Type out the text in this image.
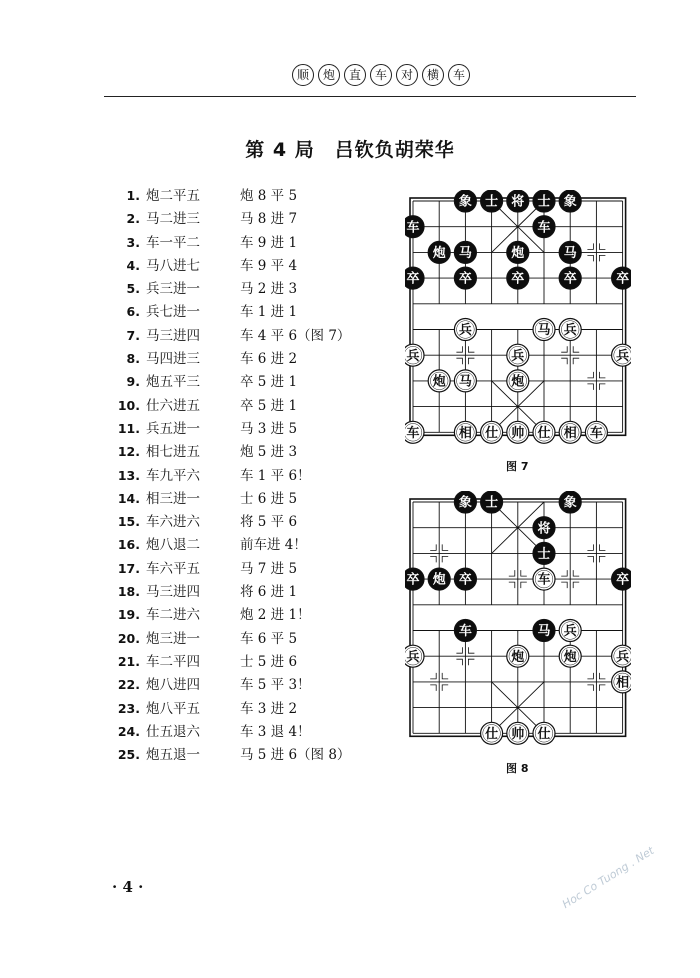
顺	炮	直	车	对	横	车
第 4 局　吕钦负胡荣华
1. 炮二平五	炮 8 平 5
2. 马二进三	马 8 进 7
3. 车一平二	车 9 进 1
4. 马八进七	车 9 平 4
5. 兵三进一	马 2 进 3
6. 兵七进一	车 1 进 1
7. 马三进四	车 4 平 6（图 7）
8. 马四进三	车 6 进 2
9. 炮五平三	卒 5 进 1
10. 仕六进五	卒 5 进 1
11. 兵五进一	马 3 进 5
12. 相七进五	炮 5 进 3
13. 车九平六	车 1 平 6！
14. 相三进一	士 6 进 5
15. 车六进六	将 5 平 6
16. 炮八退二	前车进 4！
17. 车六平五	马 7 进 5
18. 马三进四	将 6 进 1
19. 车二进六	炮 2 进 1！
20. 炮三进一	车 6 平 5
21. 车二平四	士 5 进 6
22. 炮八进四	车 5 平 3！
23. 炮八平五	车 3 进 2
24. 仕五退六	车 3 退 4！
25. 炮五退一	马 5 进 6（图 8）
象 士 将 士 象
车	车
炮 马	炮	马
卒	卒	卒	卒	卒
兵	马 兵
兵	兵	兵
炮 马	炮
车	相 仕 帅 仕 相 车
图 7
象 士	象
将
士
卒 炮 卒	车	卒
车	马 兵
兵	炮	炮	兵
相
仕 帅 仕
图 8
· 4 ·	Hoc Co Tuong . Net
